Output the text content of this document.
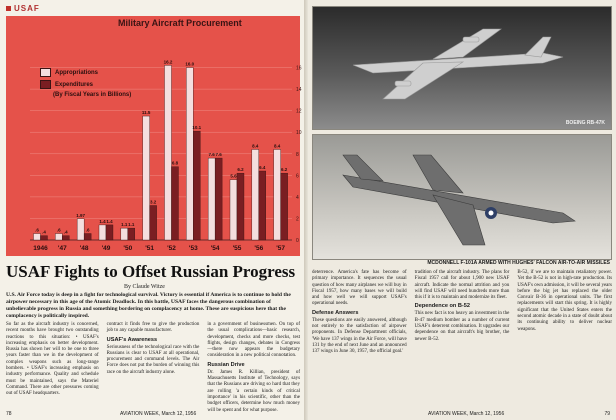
USAF
0
2
4
6
8
10
12
14
16
.6 .4
1946
.6 .4
'47
1.97
.6
'48
1.4 1.4
'49
1.1 1.1
'50
11.5
3.2
'51
16.2
6.8
'52
16.0
10.1
'53
7.6 7.6
'54
5.6
6.2
'55
8.4
6.4
'56
8.4
6.2
'57
Military Aircraft Procurement
Appropriations
Expenditures
(By Fiscal Years in Billions)
USAF Fights to Offset Russian Progress
By Claude Witze
U.S. Air Force today is deep in a fight for technological survival. Victory is essential if America is to continue to hold the airpower necessary in this age of the Atomic Deadlock. In this battle, USAF faces the dangerous combination of unbelievable progress in Russia and something bordering on complacency at home. These are suspicious here that the complacency is politically inspired.
So far as the aircraft industry is concerned, recent months have brought two outstanding reactions to this situation: • USAF's increasing emphasis on better development. Russia has shown her will to be one to three years faster than we in the development of complex weapons such as long-range bombers. • USAF's increasing emphasis on industry performance. Quality and schedule must be maintained, says the Materiel Command. There are other pressures coming out of USAF headquarters.
contract it finds free to give the production job to any capable manufacturer.
USAF's Awareness
Seriousness of the technological race with the Russians is clear to USAF at all operational, procurement and command levels. The Air Force does not put the burden of winning this race on the aircraft industry alone.
in a government of businessmen. On top of the usual complications—basic research, development, checks and more checks, test flights, design changes, debates in Congress—there now appears the budgetary consideration in a new political connotation.
Russian Drive
Dr. James R. Killian, president of Massachusetts Institute of Technology, says that the Russians are driving so hard that they are rolling 'a certain kinds of critical importance' in his scientific, other than the budget officers, determine how much money will be spent and for what purpose.
78	AVIATION WEEK, March 12, 1956
BOEING RB-47K
MCDONNELL F-101A ARMED WITH HUGHES' FALCON AIR-TO-AIR MISSILES
deterrence. America's fate has become of primary importance. It sequences the usual question of how many airplanes we will buy in Fiscal 1957, how many bases we will build and how well we will support USAF's operational needs.
Defense Answers
These questions are easily answered, although not entirely to the satisfaction of airpower proponents. In Defense Department officials, 'We have 137 wings in the Air Force, will have 131 by the end of next June and an announced 137 wings in June 30, 1957, the official goal.'
tradition of the aircraft industry. The plans for Fiscal 1957 call for about 1,900 new USAF aircraft. Indicate the normal attrition and you will find USAF will need hundreds more than this if it is to maintain and modernize its fleet.
Dependence on B-52
This new fact is too heavy an investment in the B-47 medium bomber as a number of current USAF's deterrent combination. It upgrades our dependence on that aircraft's big brother, the newer B-52.
B-52, if we are to maintain retaliatory power. Yet the B-52 is not in high-rate production. Its USAF's own admission, it will be several years before the big jet has replaced the older Convair B-36 in operational units. The first replacements will start this spring. It is highly significant that the United States enters the second atomic decade in a state of doubt about its continuing ability to deliver nuclear weapons.
AVIATION WEEK, March 12, 1956	79
